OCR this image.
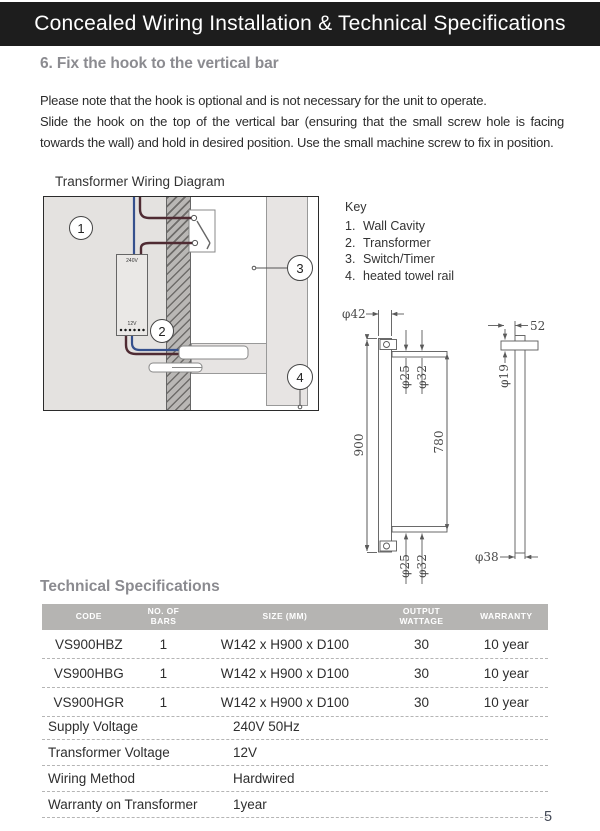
Concealed Wiring Installation & Technical Specifications
6. Fix the hook to the vertical bar

Please note that the hook is optional and is not necessary for the unit to operate.

Slide the hook on the top of the vertical bar (ensuring that the small screw hole is facing towards the wall) and hold in desired position. Use the small machine screw to fix in position.

Transformer Wiring Diagram
240V
12V
1
2
3
4
Key
1. Wall Cavity
2. Transformer
3. Switch/Timer
4. heated towel rail
φ42
900	780
φ25 φ32
φ25 φ32
52
φ19
φ38
Technical Specifications
CODE	NO. OF BARS	SIZE (MM)	OUTPUT WATTAGE	WARRANTY
VS900HBZ	1	W142 x H900 x D100	30	10 year
VS900HBG	1	W142 x H900 x D100	30	10 year
VS900HGR	1	W142 x H900 x D100	30	10 year
Supply Voltage	240V 50Hz
Transformer Voltage	12V
Wiring Method	Hardwired
Warranty on Transformer	1year
5
